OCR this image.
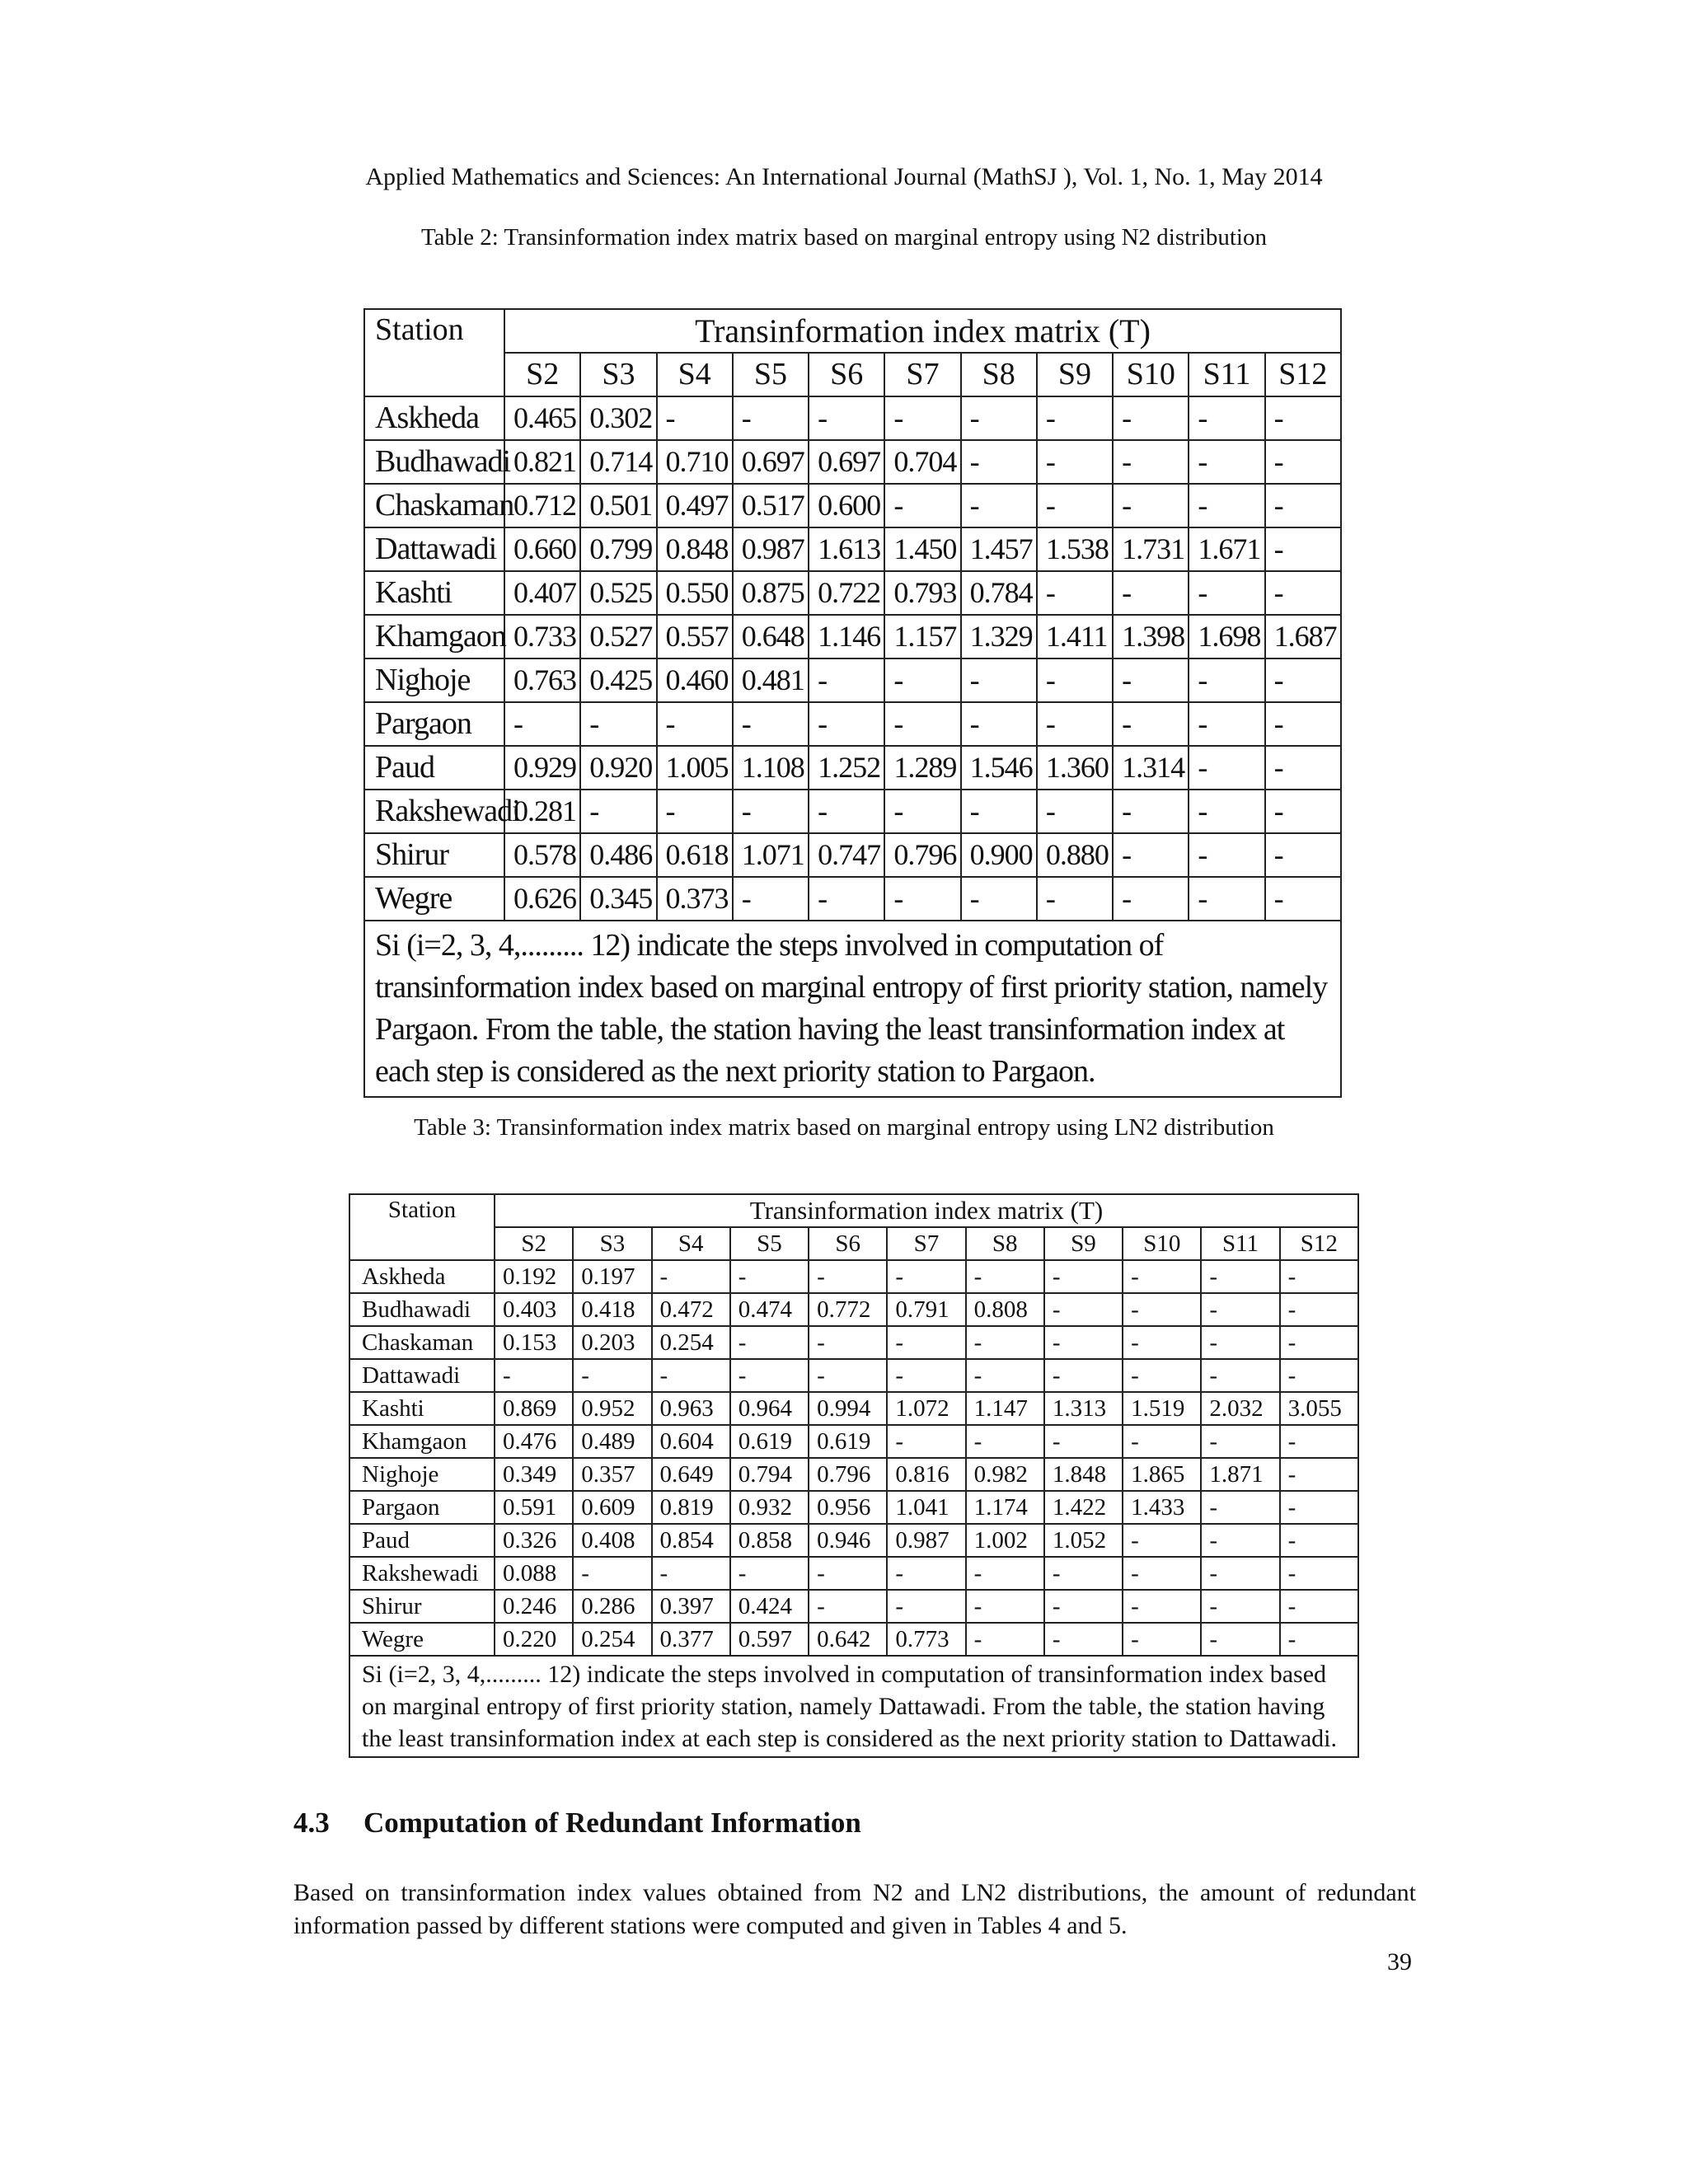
Applied Mathematics and Sciences: An International Journal (MathSJ ), Vol. 1, No. 1, May 2014
Table 2: Transinformation index matrix based on marginal entropy using N2 distribution
Station	Transinformation index matrix (T)										
	S2	S3	S4	S5	S6	S7	S8	S9	S10	S11	S12
Askheda	0.465	0.302	-	-	-	-	-	-	-	-	-
Budhawadi	0.821	0.714	0.710	0.697	0.697	0.704	-	-	-	-	-
Chaskaman	0.712	0.501	0.497	0.517	0.600	-	-	-	-	-	-
Dattawadi	0.660	0.799	0.848	0.987	1.613	1.450	1.457	1.538	1.731	1.671	-
Kashti	0.407	0.525	0.550	0.875	0.722	0.793	0.784	-	-	-	-
Khamgaon	0.733	0.527	0.557	0.648	1.146	1.157	1.329	1.411	1.398	1.698	1.687
Nighoje	0.763	0.425	0.460	0.481	-	-	-	-	-	-	-
Pargaon	-	-	-	-	-	-	-	-	-	-	-
Paud	0.929	0.920	1.005	1.108	1.252	1.289	1.546	1.360	1.314	-	-
Rakshewadi	0.281	-	-	-	-	-	-	-	-	-	-
Shirur	0.578	0.486	0.618	1.071	0.747	0.796	0.900	0.880	-	-	-
Wegre	0.626	0.345	0.373	-	-	-	-	-	-	-	-
Si (i=2, 3, 4,......... 12) indicate the steps involved in computation of transinformation index based on marginal entropy of first priority station, namely Pargaon. From the table, the station having the least transinformation index at each step is considered as the next priority station to Pargaon.											
Table 3: Transinformation index matrix based on marginal entropy using LN2 distribution
Station	Transinformation index matrix (T)										
	S2	S3	S4	S5	S6	S7	S8	S9	S10	S11	S12
Askheda	0.192	0.197	-	-	-	-	-	-	-	-	-
Budhawadi	0.403	0.418	0.472	0.474	0.772	0.791	0.808	-	-	-	-
Chaskaman	0.153	0.203	0.254	-	-	-	-	-	-	-	-
Dattawadi	-	-	-	-	-	-	-	-	-	-	-
Kashti	0.869	0.952	0.963	0.964	0.994	1.072	1.147	1.313	1.519	2.032	3.055
Khamgaon	0.476	0.489	0.604	0.619	0.619	-	-	-	-	-	-
Nighoje	0.349	0.357	0.649	0.794	0.796	0.816	0.982	1.848	1.865	1.871	-
Pargaon	0.591	0.609	0.819	0.932	0.956	1.041	1.174	1.422	1.433	-	-
Paud	0.326	0.408	0.854	0.858	0.946	0.987	1.002	1.052	-	-	-
Rakshewadi	0.088	-	-	-	-	-	-	-	-	-	-
Shirur	0.246	0.286	0.397	0.424	-	-	-	-	-	-	-
Wegre	0.220	0.254	0.377	0.597	0.642	0.773	-	-	-	-	-
Si (i=2, 3, 4,......... 12) indicate the steps involved in computation of transinformation index based on marginal entropy of first priority station, namely Dattawadi. From the table, the station having the least transinformation index at each step is considered as the next priority station to Dattawadi.											
4.3 Computation of Redundant Information
Based on transinformation index values obtained from N2 and LN2 distributions, the amount of redundant information passed by different stations were computed and given in Tables 4 and 5.
39
